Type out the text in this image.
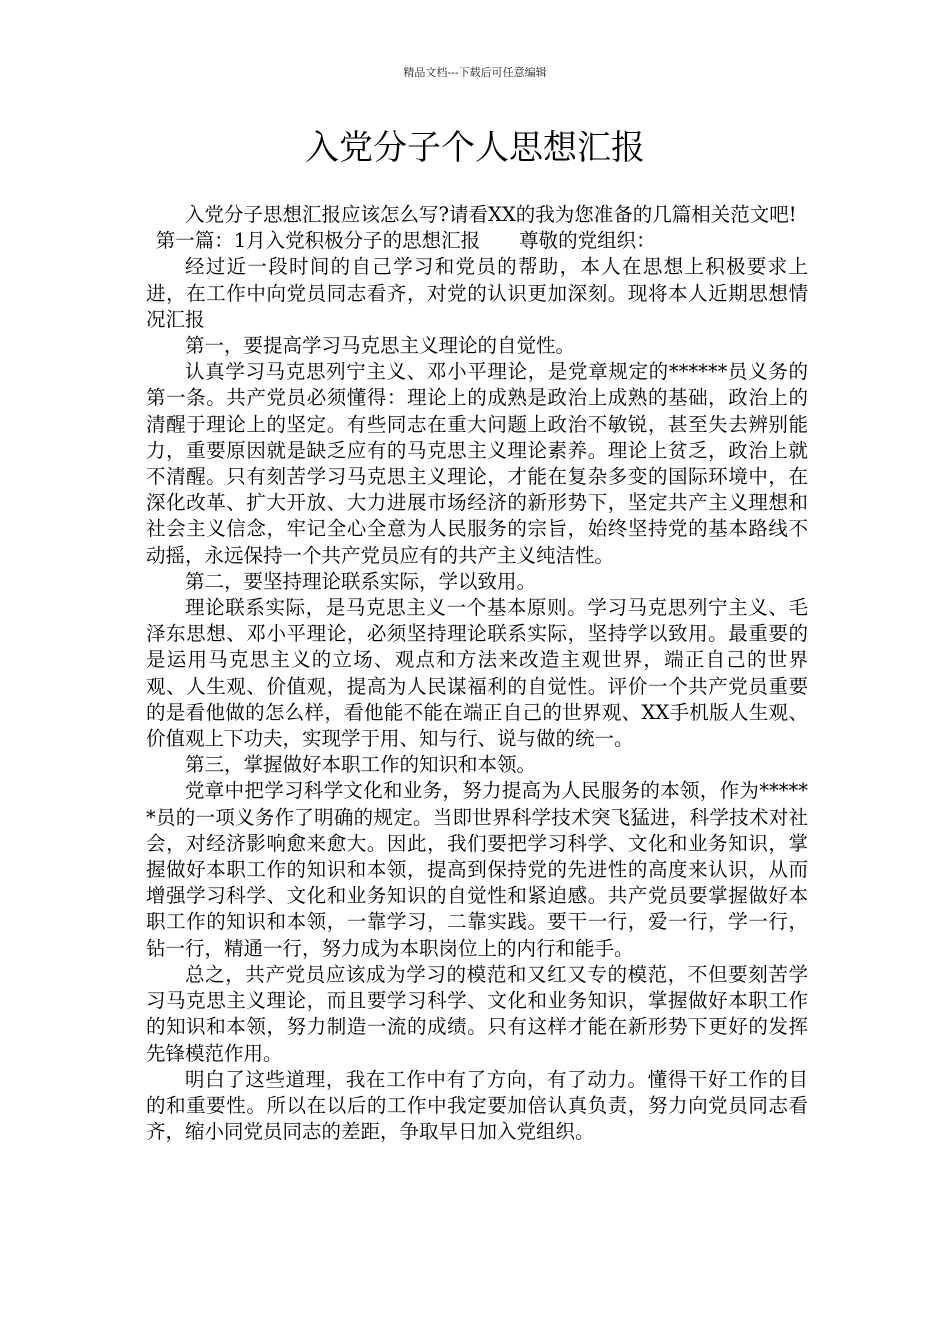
精品文档---下载后可任意编辑
入党分子个人思想汇报

入党分子思想汇报应该怎么写?请看XX的我为您准备的几篇相关范文吧!

第一篇：1月入党积极分子的思想汇报　　尊敬的党组织：

经过近一段时间的自己学习和党员的帮助，本人在思想上积极要求上进，在工作中向党员同志看齐，对党的认识更加深刻。现将本人近期思想情况汇报

第一，要提高学习马克思主义理论的自觉性。

认真学习马克思列宁主义、邓小平理论，是党章规定的******员义务的第一条。共产党员必须懂得：理论上的成熟是政治上成熟的基础，政治上的清醒于理论上的坚定。有些同志在重大问题上政治不敏锐，甚至失去辨别能力，重要原因就是缺乏应有的马克思主义理论素养。理论上贫乏，政治上就不清醒。只有刻苦学习马克思主义理论，才能在复杂多变的国际环境中，在深化改革、扩大开放、大力进展市场经济的新形势下，坚定共产主义理想和社会主义信念，牢记全心全意为人民服务的宗旨，始终坚持党的基本路线不动摇，永远保持一个共产党员应有的共产主义纯洁性。

第二，要坚持理论联系实际，学以致用。

理论联系实际，是马克思主义一个基本原则。学习马克思列宁主义、毛泽东思想、邓小平理论，必须坚持理论联系实际，坚持学以致用。最重要的是运用马克思主义的立场、观点和方法来改造主观世界，端正自己的世界观、人生观、价值观，提高为人民谋福利的自觉性。评价一个共产党员重要的是看他做的怎么样，看他能不能在端正自己的世界观、XX手机版人生观、价值观上下功夫，实现学于用、知与行、说与做的统一。

第三，掌握做好本职工作的知识和本领。

党章中把学习科学文化和业务，努力提高为人民服务的本领，作为******员的一项义务作了明确的规定。当即世界科学技术突飞猛进，科学技术对社会，对经济影响愈来愈大。因此，我们要把学习科学、文化和业务知识，掌握做好本职工作的知识和本领，提高到保持党的先进性的高度来认识，从而增强学习科学、文化和业务知识的自觉性和紧迫感。共产党员要掌握做好本职工作的知识和本领，一靠学习，二靠实践。要干一行，爱一行，学一行，钻一行，精通一行，努力成为本职岗位上的内行和能手。

总之，共产党员应该成为学习的模范和又红又专的模范，不但要刻苦学习马克思主义理论，而且要学习科学、文化和业务知识，掌握做好本职工作的知识和本领，努力制造一流的成绩。只有这样才能在新形势下更好的发挥先锋模范作用。

明白了这些道理，我在工作中有了方向，有了动力。懂得干好工作的目的和重要性。所以在以后的工作中我定要加倍认真负责，努力向党员同志看齐，缩小同党员同志的差距，争取早日加入党组织。
